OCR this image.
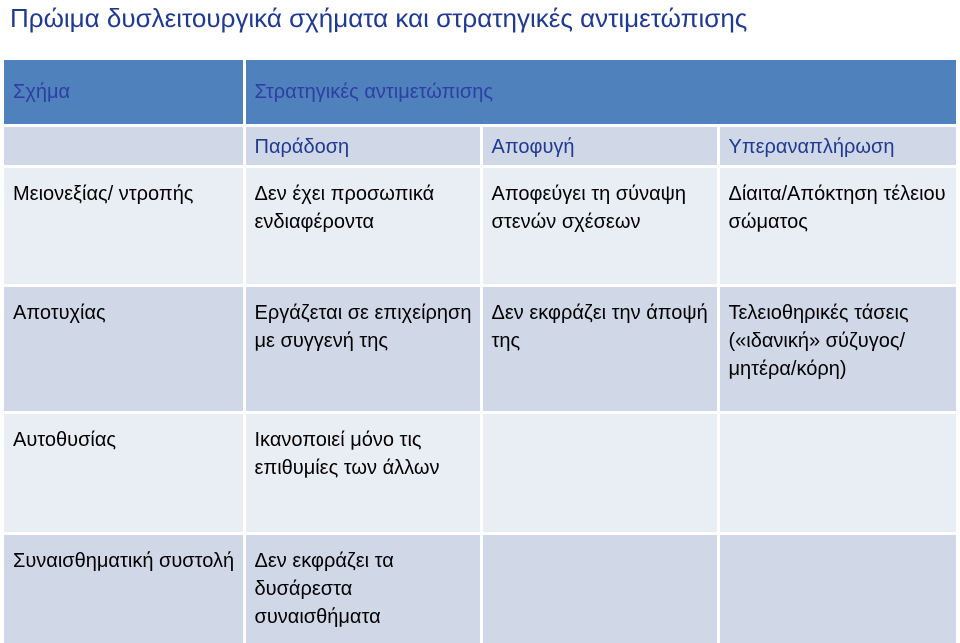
Πρώιμα δυσλειτουργικά σχήματα και στρατηγικές αντιμετώπισης
Σχήμα	Στρατηγικές αντιμετώπισης		
	Παράδοση	Αποφυγή	Υπεραναπλήρωση
Μειονεξίας/ ντροπής	Δεν έχει προσωπικά ενδιαφέροντα	Αποφεύγει τη σύναψη στενών σχέσεων	Δίαιτα/Απόκτηση τέλειου σώματος
Αποτυχίας	Εργάζεται σε επιχείρηση με συγγενή της	Δεν εκφράζει την άποψή της	Τελειοθηρικές τάσεις («ιδανική» σύζυγος/μητέρα/κόρη)
Αυτοθυσίας	Ικανοποιεί μόνο τις επιθυμίες των άλλων		
Συναισθηματική συστολή	Δεν εκφράζει τα δυσάρεστα συναισθήματα		
